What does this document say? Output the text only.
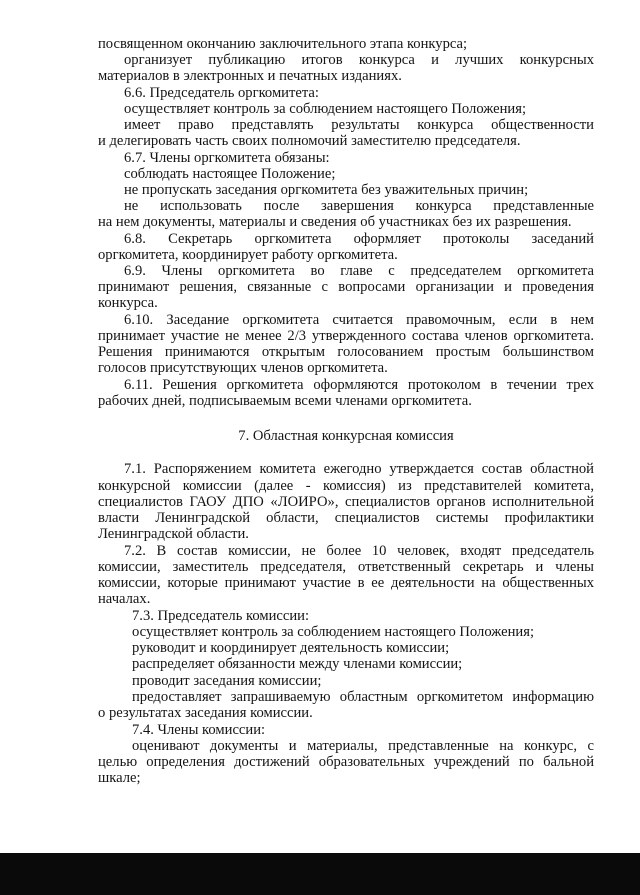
посвященном окончанию заключительного этапа конкурса;
организует публикацию итогов конкурса и лучших конкурсных
материалов в электронных и печатных изданиях.
6.6. Председатель оргкомитета:
осуществляет контроль за соблюдением настоящего Положения;
имеет право представлять результаты конкурса общественности
и делегировать часть своих полномочий заместителю председателя.
6.7. Члены оргкомитета обязаны:
соблюдать настоящее Положение;
не пропускать заседания оргкомитета без уважительных причин;
не использовать после завершения конкурса представленные
на нем документы, материалы и сведения об участниках без их разрешения.
6.8. Секретарь оргкомитета оформляет протоколы заседаний
оргкомитета, координирует работу оргкомитета.
6.9. Члены оргкомитета во главе с председателем оргкомитета
принимают решения, связанные с вопросами организации и проведения
конкурса.
6.10. Заседание оргкомитета считается правомочным, если в нем
принимает участие не менее 2/3 утвержденного состава членов оргкомитета.
Решения принимаются открытым голосованием простым большинством
голосов присутствующих членов оргкомитета.
6.11. Решения оргкомитета оформляются протоколом в течении трех
рабочих дней, подписываемым всеми членами оргкомитета.
7. Областная конкурсная комиссия
7.1. Распоряжением комитета ежегодно утверждается состав областной
конкурсной комиссии (далее - комиссия) из представителей комитета,
специалистов ГАОУ ДПО «ЛОИРО», специалистов органов исполнительной
власти Ленинградской области, специалистов системы профилактики
Ленинградской области.
7.2. В состав комиссии, не более 10 человек, входят председатель
комиссии, заместитель председателя, ответственный секретарь и члены
комиссии, которые принимают участие в ее деятельности на общественных
началах.
7.3. Председатель комиссии:
осуществляет контроль за соблюдением настоящего Положения;
руководит и координирует деятельность комиссии;
распределяет обязанности между членами комиссии;
проводит заседания комиссии;
предоставляет запрашиваемую областным оргкомитетом информацию
о результатах заседания комиссии.
7.4. Члены комиссии:
оценивают документы и материалы, представленные на конкурс, с
целью определения достижений образовательных учреждений по бальной
шкале;
